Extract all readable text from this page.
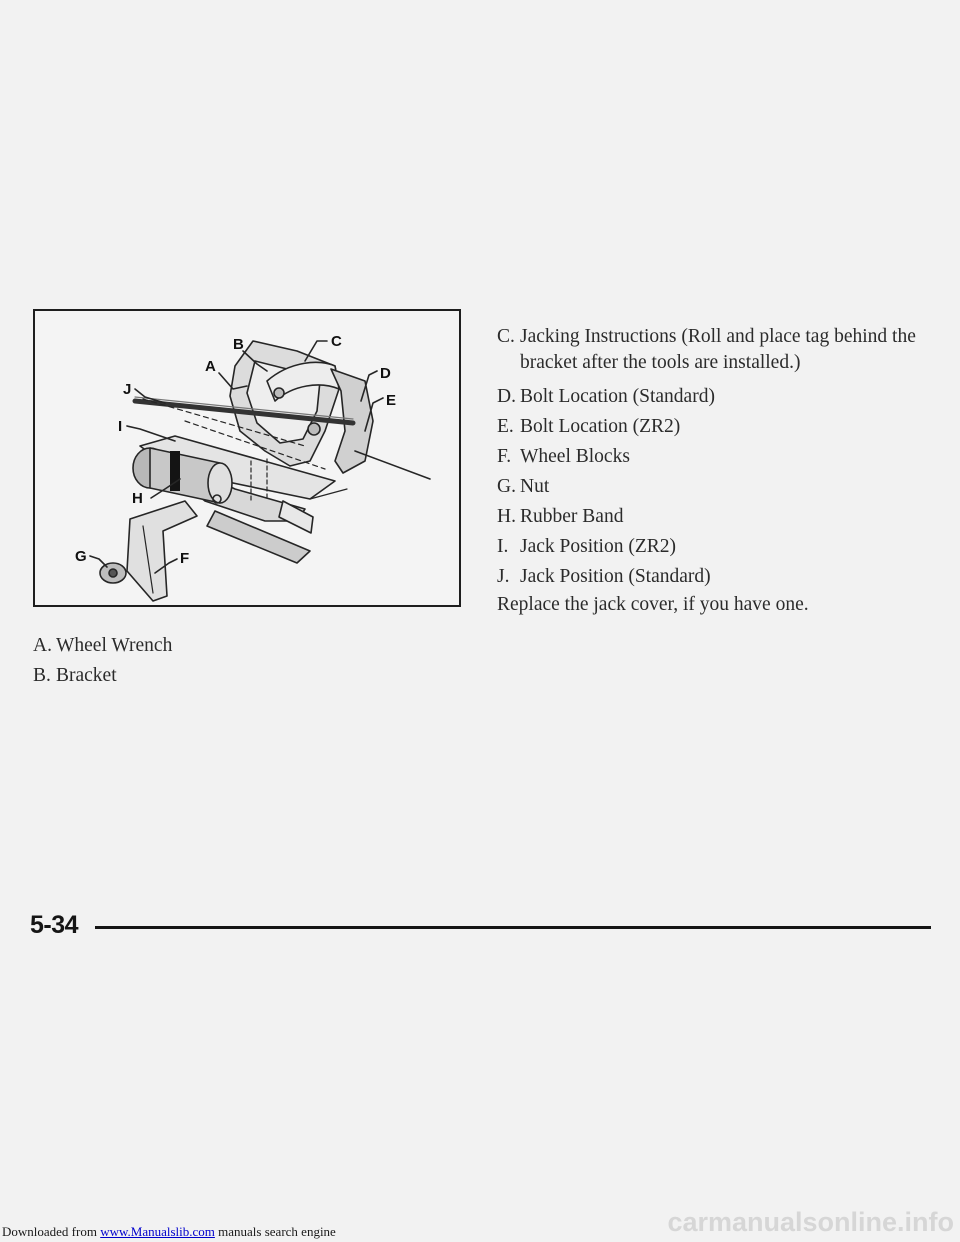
A
B	C
D
E
F
G
H
I
J
A. Wheel Wrench
B. Bracket
C. Jacking Instructions (Roll and place tag behind the bracket after the tools are installed.)
D. Bolt Location (Standard)
E. Bolt Location (ZR2)
F. Wheel Blocks
G. Nut
H. Rubber Band
I. Jack Position (ZR2)
J. Jack Position (Standard)

Replace the jack cover, if you have one.

5-34
Downloaded from www.Manualslib.com manuals search engine	carmanualsonline.info
